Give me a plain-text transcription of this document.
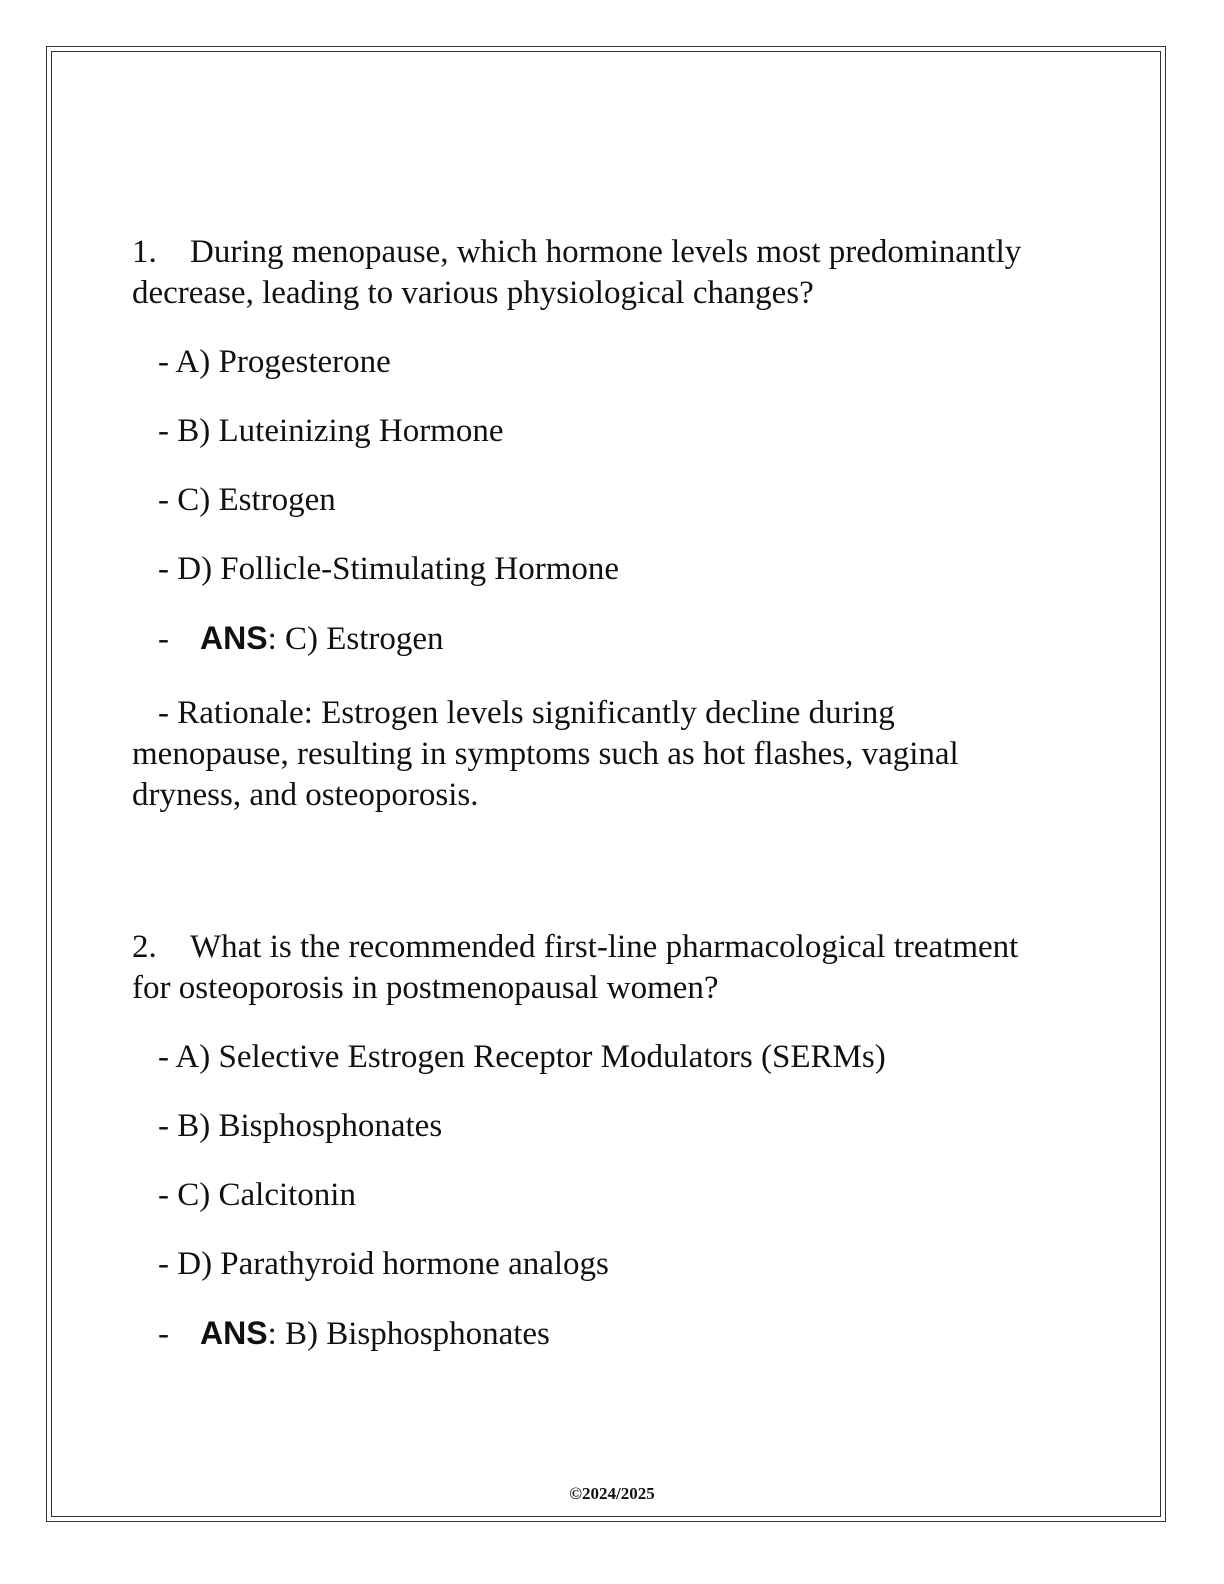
1. During menopause, which hormone levels most predominantly decrease, leading to various physiological changes?

- A) Progesterone

- B) Luteinizing Hormone

- C) Estrogen

- D) Follicle-Stimulating Hormone

- ANS: C) Estrogen

- Rationale: Estrogen levels significantly decline during menopause, resulting in symptoms such as hot flashes, vaginal dryness, and osteoporosis.

2. What is the recommended first-line pharmacological treatment for osteoporosis in postmenopausal women?

- A) Selective Estrogen Receptor Modulators (SERMs)

- B) Bisphosphonates

- C) Calcitonin

- D) Parathyroid hormone analogs

- ANS: B) Bisphosphonates

©2024/2025
